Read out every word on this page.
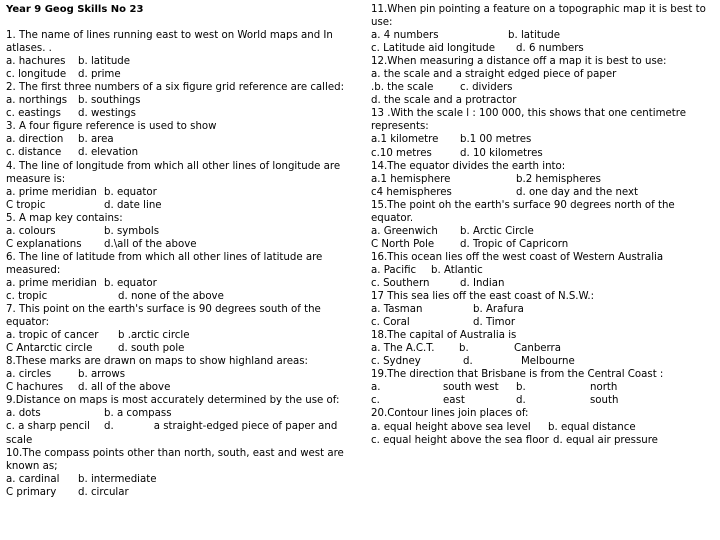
Year 9 Geog Skills No 23
1. The name of lines running east to west on World maps and In atlases. .
a. hachures b. latitude
c. longitude d. prime
2. The first three numbers of a six figure grid reference are called:
a. northings b. southings
c. eastings d. westings
3. A four figure reference is used to show
a. direction b. area
c. distance d. elevation
4. The line of longitude from which all other lines of longitude are measure is:
a. prime meridian b. equator
C tropic	d. date line
5. A map key contains:
a. colours	b. symbols
C explanations d.\all of the above
6. The line of latitude from which all other lines of latitude are measured:
a. prime meridian b. equator
c. tropic	d. none of the above
7. This point on the earth's surface is 90 degrees south of the equator:
a. tropic of cancer b .arctic circle
C Antarctic circle	d. south pole
8.These marks are drawn on maps to show highland areas:
a. circles	b. arrows
C hachures d. all of the above
9.Distance on maps is most accurately determined by the use of:
a. dots	b. a compass
c. a sharp pencil d.	a straight-edged piece of paper and scale
10.The compass points other than north, south, east and west are known as;
a. cardinal b. intermediate
C primary d. circular
11.When pin pointing a feature on a topographic map it is best to use:
a. 4 numbers	b. latitude
c. Latitude aid longitude d. 6 numbers
12.When measuring a distance off a map it is best to use:
a. the scale and a straight edged piece of paper
.b. the scale	c. dividers
d. the scale and a protractor
13 .With the scale l : 100 000, this shows that one centimetre represents:
a.1 kilometre b.1 00 metres
c.10 metres	d. 10 kilometres
14.The equator divides the earth into:
a.1 hemisphere	b.2 hemispheres
c4 hemispheres	d. one day and the next
15.The point oh the earth's surface 90 degrees north of the equator.
a. Greenwich b. Arctic Circle
C North Pole	d. Tropic of Capricorn
16.This ocean lies off the west coast of Western Australia
a. Pacific b. Atlantic
c. Southern	d. Indian
17 This sea lies off the east coast of N.S.W.:
a. Tasman	b. Arafura
c. Coral	d. Timor
18.The capital of Australia is
a. The A.C.T. b.	Canberra
c. Sydney	d.	Melbourne
19.The direction that Brisbane is from the Central Coast :
a.	south west b.	north
c.	east	d.	south
20.Contour lines join places of:
a. equal height above sea level b. equal distance
c. equal height above the sea floor d. equal air pressure
